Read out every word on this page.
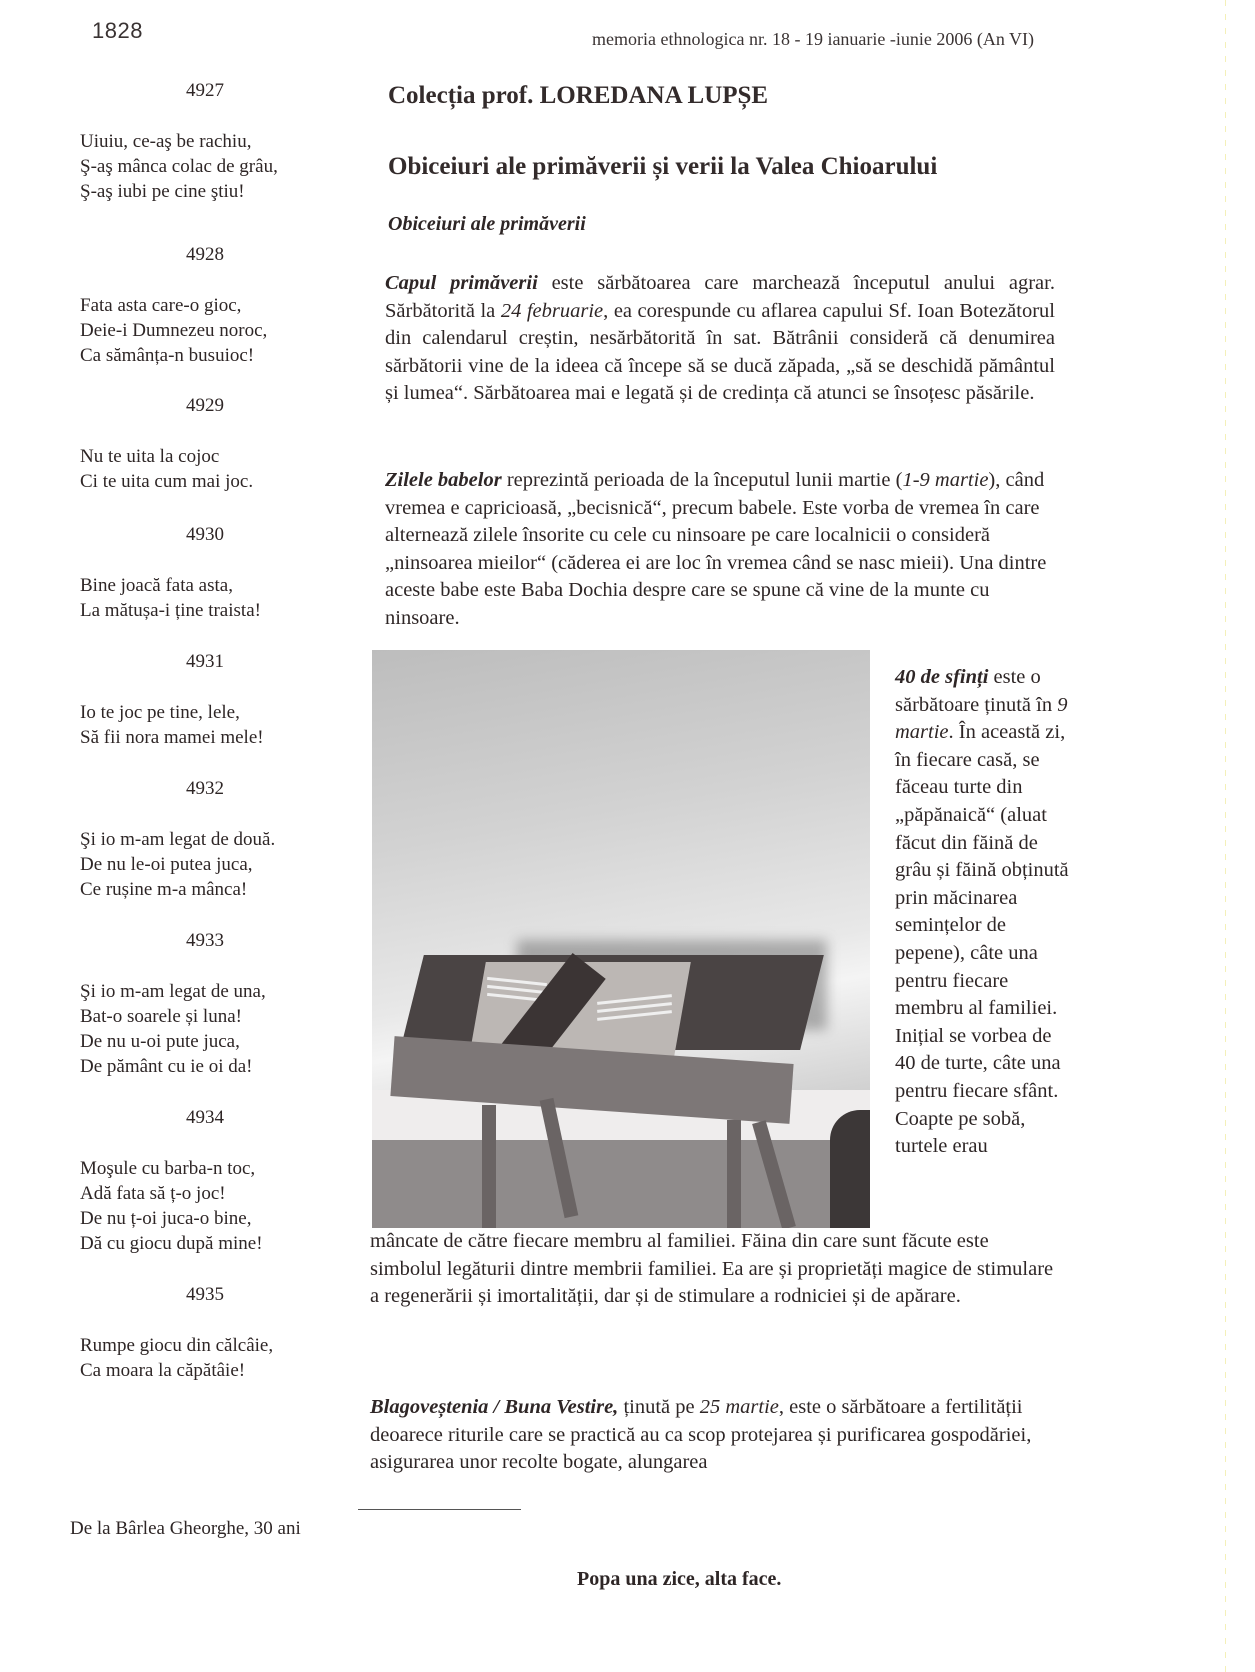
1828	memoria ethnologica nr. 18 - 19 ianuarie -iunie 2006 (An VI)
4927
Uiuiu, ce-aş be rachiu,
Ş-aş mânca colac de grâu,
Ş-aş iubi pe cine ştiu!
4928
Fata asta care-o gioc,
Deie-i Dumnezeu noroc,
Ca sămânța-n busuioc!
4929
Nu te uita la cojoc
Ci te uita cum mai joc.
4930
Bine joacă fata asta,
La mătușa-i ține traista!
4931
Io te joc pe tine, lele,
Să fii nora mamei mele!
4932
Şi io m-am legat de două.
De nu le-oi putea juca,
Ce rușine m-a mânca!
4933
Şi io m-am legat de una,
Bat-o soarele și luna!
De nu u-oi pute juca,
De pământ cu ie oi da!
4934
Moşule cu barba-n toc,
Adă fata să ț-o joc!
De nu ț-oi juca-o bine,
Dă cu giocu după mine!
4935
Rumpe giocu din călcâie,
Ca moara la căpătâie!
De la Bârlea Gheorghe, 30 ani
Colecția prof. LOREDANA LUPȘE
Obiceiuri ale primăverii și verii la Valea Chioarului
Obiceiuri ale primăverii
Capul primăverii este sărbătoarea care marchează începutul anului agrar. Sărbătorită la 24 februarie, ea corespunde cu aflarea capului Sf. Ioan Botezătorul din calendarul creștin, nesărbătorită în sat. Bătrânii consideră că denumirea sărbătorii vine de la ideea că începe să se ducă zăpada, „să se deschidă pământul și lumea“. Sărbătoarea mai e legată și de credința că atunci se însoțesc păsările.
Zilele babelor reprezintă perioada de la începutul lunii martie (1-9 martie), când vremea e capricioasă, „becisnică“, precum babele. Este vorba de vremea în care alternează zilele însorite cu cele cu ninsoare pe care localnicii o consideră „ninsoarea mieilor“ (căderea ei are loc în vremea când se nasc mieii). Una dintre aceste babe este Baba Dochia despre care se spune că vine de la munte cu ninsoare.
40 de sfinți este o sărbătoare ținută în 9 martie. În această zi, în fiecare casă, se făceau turte din „păpănaică“ (aluat făcut din făină de grâu și făină obținută prin măcinarea semințelor de pepene), câte una pentru fiecare membru al familiei. Inițial se vorbea de 40 de turte, câte una pentru fiecare sfânt. Coapte pe sobă, turtele erau
mâncate de către fiecare membru al familiei. Făina din care sunt făcute este simbolul legăturii dintre membrii familiei. Ea are și proprietăți magice de stimulare a regenerării și imortalității, dar și de stimulare a rodniciei și de apărare.
Blagoveștenia / Buna Vestire, ținută pe 25 martie, este o sărbătoare a fertilității deoarece riturile care se practică au ca scop protejarea și purificarea gospodăriei, asigurarea unor recolte bogate, alungarea
Popa una zice, alta face.
